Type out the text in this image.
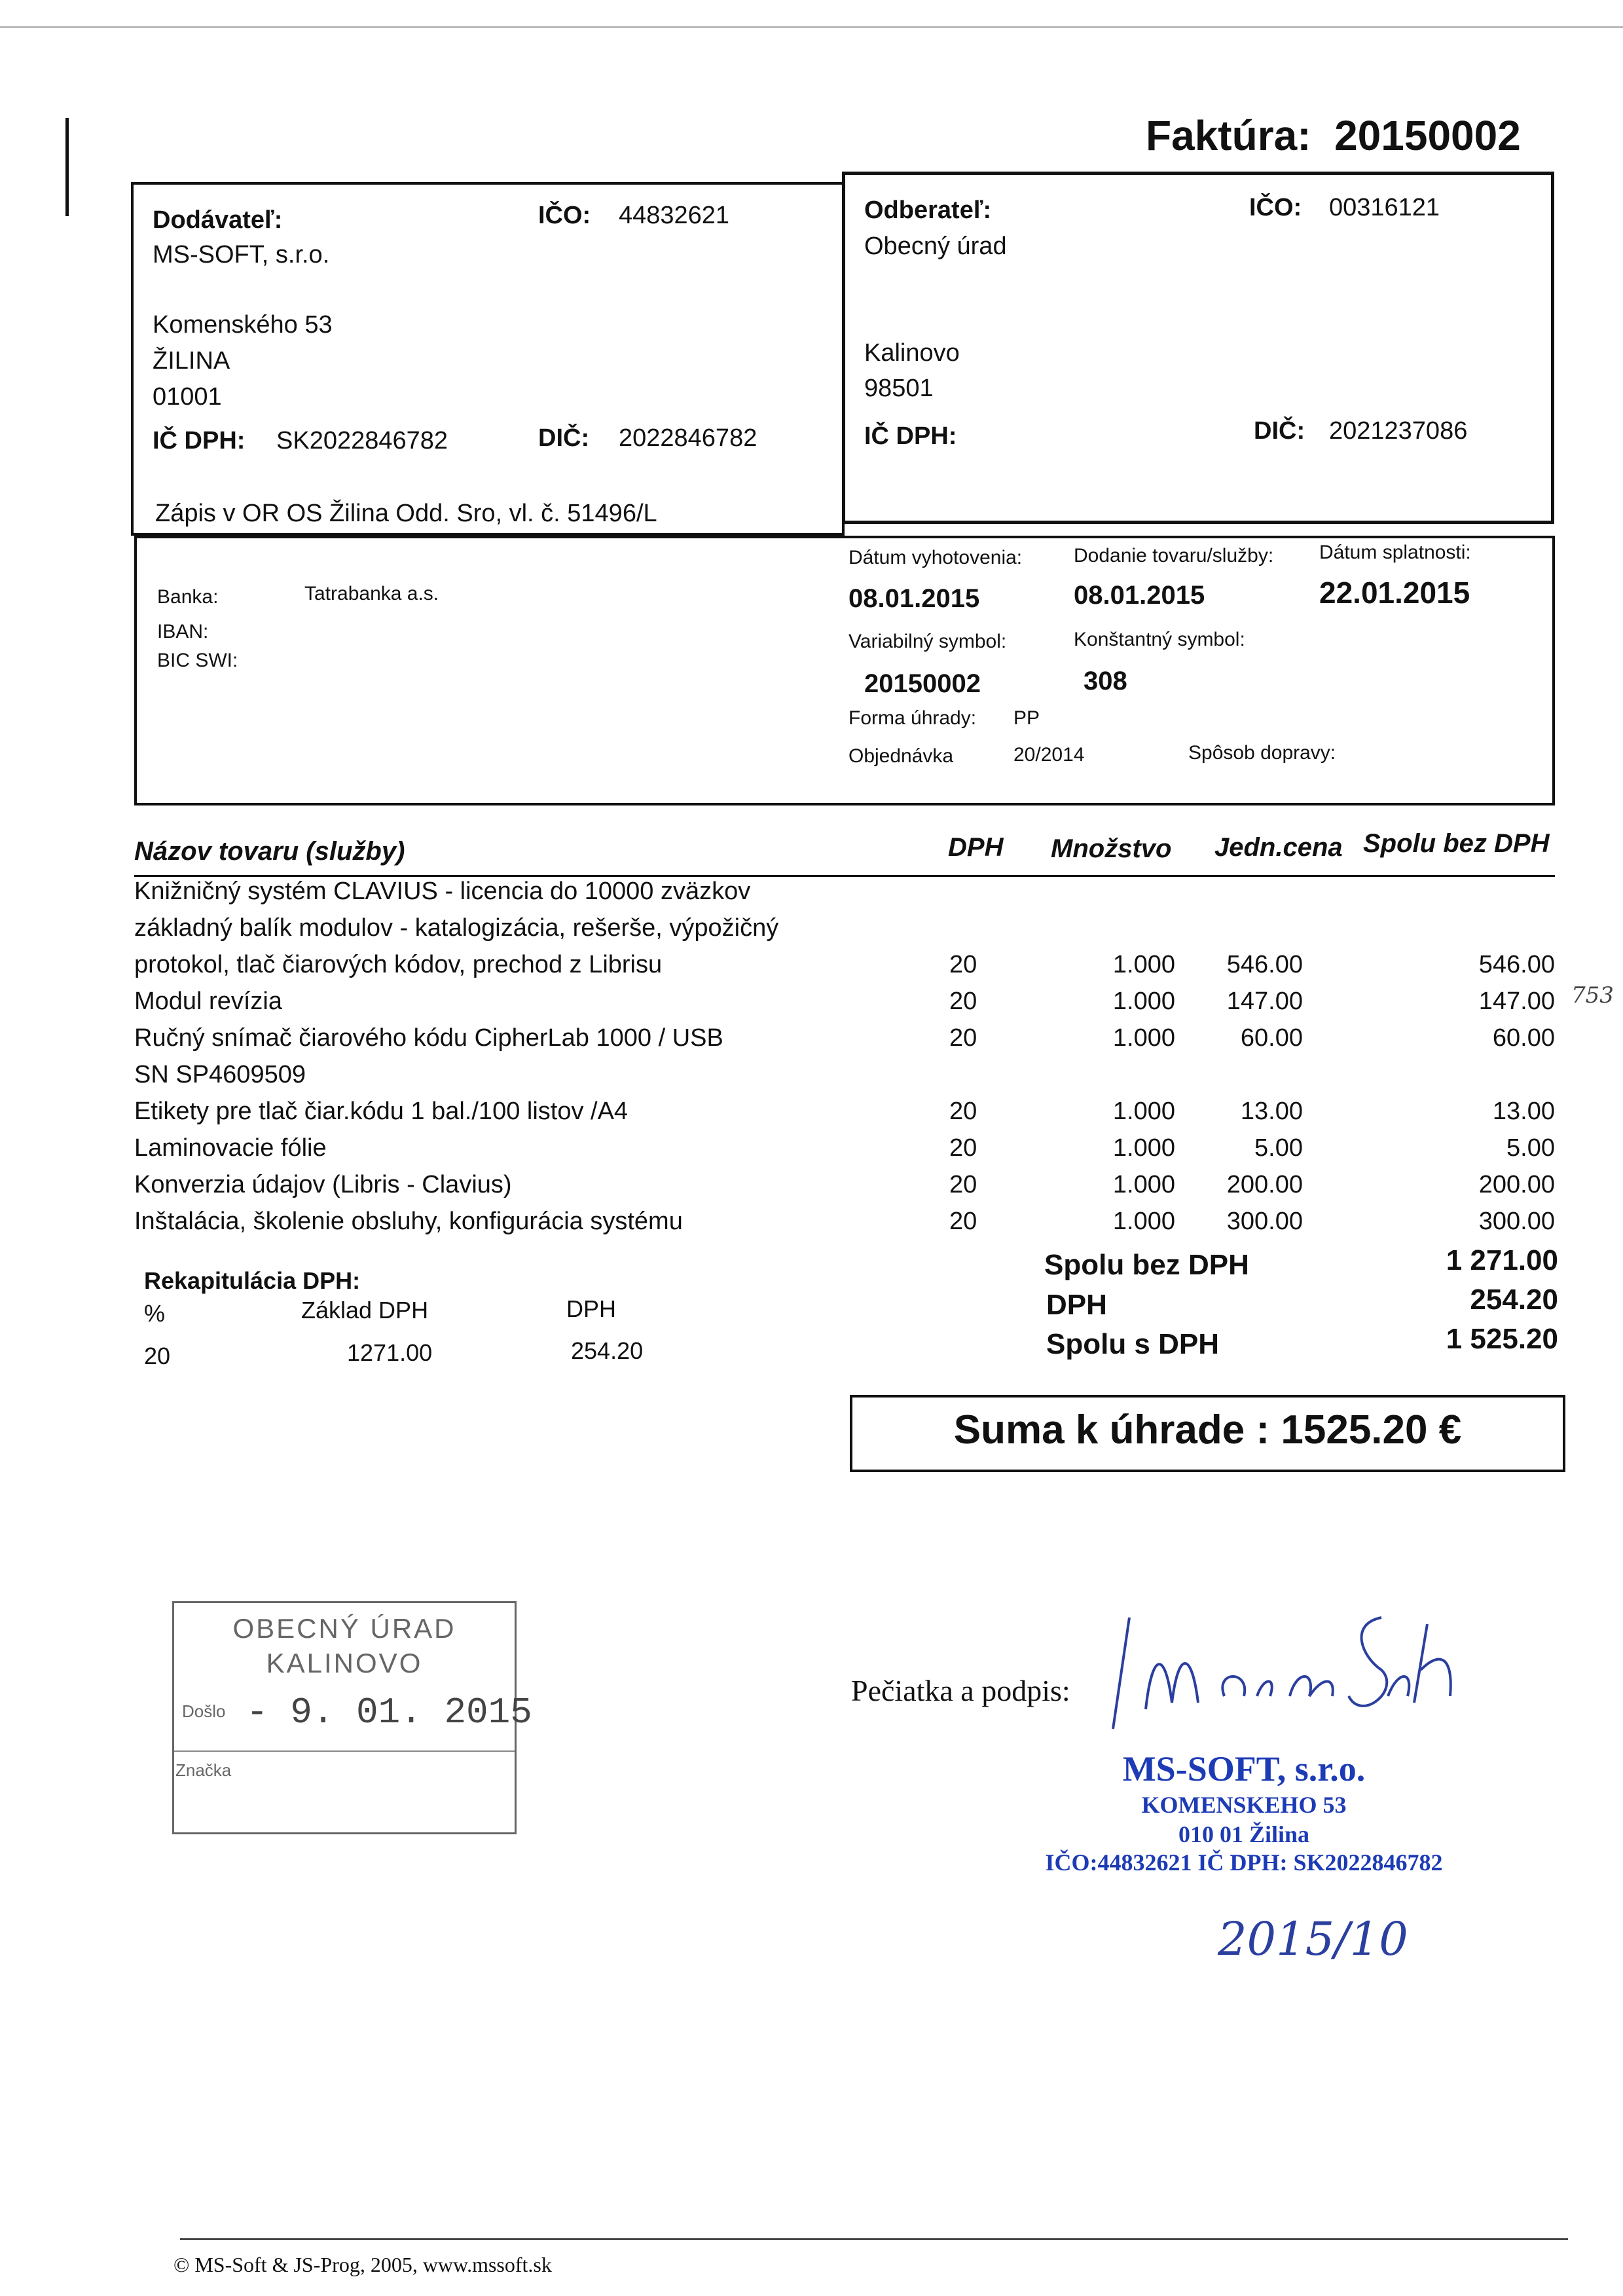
Faktúra: 20150002
Dodávateľ:
MS-SOFT, s.r.o.
IČO: 44832621
Komenského 53
ŽILINA
01001
IČ DPH: SK2022846782	DIČ: 2022846782
Zápis v OR OS Žilina Odd. Sro, vl. č. 51496/L
Odberateľ:
Obecný úrad
IČO: 00316121
Kalinovo
98501
IČ DPH:	DIČ: 2021237086
Banka:	Tatrabanka a.s.
IBAN:
BIC SWI:
Dátum vyhotovenia:
08.01.2015
Dodanie tovaru/služby:
08.01.2015
Dátum splatnosti:
22.01.2015
Variabilný symbol:
20150002
Konštantný symbol:
308
Forma úhrady: PP
Objednávka	20/2014	Spôsob dopravy:
Názov tovaru (služby)	DPH Množstvo Jedn.cena Spolu bez DPH
Knižničný systém CLAVIUS - licencia do 10000 zväzkov
základný balík modulov - katalogizácia, rešerše, výpožičný
protokol, tlač čiarových kódov, prechod z Librisu	20	1.000	546.00	546.00
Modul revízia	20	1.000	147.00	147.00
Ručný snímač čiarového kódu CipherLab 1000 / USB	20	1.000	60.00	60.00
SN SP4609509
Etikety pre tlač čiar.kódu 1 bal./100 listov /A4	20	1.000	13.00	13.00
Laminovacie fólie	20	1.000	5.00	5.00
Konverzia údajov (Libris - Clavius)	20	1.000	200.00	200.00
Inštalácia, školenie obsluhy, konfigurácia systému	20	1.000	300.00	300.00
Rekapitulácia DPH:
%	Základ DPH	DPH
20	1271.00	254.20
Spolu bez DPH	1 271.00
DPH	254.20
Spolu s DPH	1 525.20
Suma k úhrade : 1525.20 €
OBECNÝ ÚRAD
KALINOVO
Došlo - 9. 01. 2015
Značka
Pečiatka a podpis:
MS-SOFT, s.r.o.
KOMENSKEHO 53
010 01 Žilina
IČO:44832621 IČ DPH: SK2022846782
2015/10
753
© MS-Soft & JS-Prog, 2005, www.mssoft.sk
